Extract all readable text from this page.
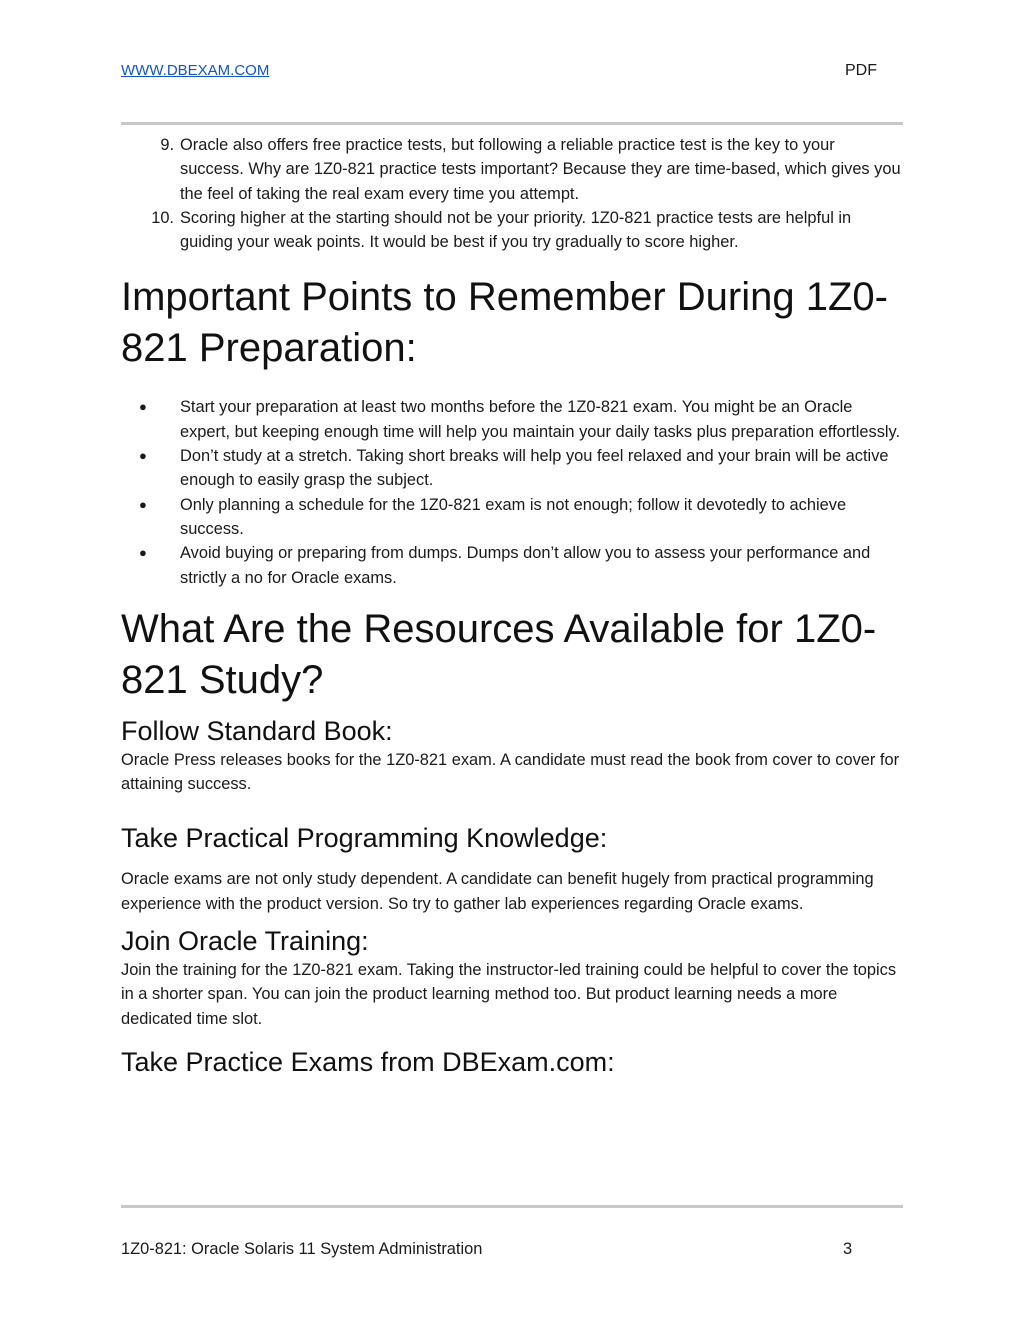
WWW.DBEXAM.COM	PDF
9. Oracle also offers free practice tests, but following a reliable practice test is the key to your success. Why are 1Z0-821 practice tests important? Because they are time-based, which gives you the feel of taking the real exam every time you attempt.
10. Scoring higher at the starting should not be your priority. 1Z0-821 practice tests are helpful in guiding your weak points. It would be best if you try gradually to score higher.
Important Points to Remember During 1Z0-821 Preparation:
● Start your preparation at least two months before the 1Z0-821 exam. You might be an Oracle expert, but keeping enough time will help you maintain your daily tasks plus preparation effortlessly.
● Don’t study at a stretch. Taking short breaks will help you feel relaxed and your brain will be active enough to easily grasp the subject.
● Only planning a schedule for the 1Z0-821 exam is not enough; follow it devotedly to achieve success.
● Avoid buying or preparing from dumps. Dumps don’t allow you to assess your performance and strictly a no for Oracle exams.
What Are the Resources Available for 1Z0-821 Study?
Follow Standard Book:

Oracle Press releases books for the 1Z0-821 exam. A candidate must read the book from cover to cover for attaining success.

Take Practical Programming Knowledge:

Oracle exams are not only study dependent. A candidate can benefit hugely from practical programming experience with the product version. So try to gather lab experiences regarding Oracle exams.

Join Oracle Training:

Join the training for the 1Z0-821 exam. Taking the instructor-led training could be helpful to cover the topics in a shorter span. You can join the product learning method too. But product learning needs a more dedicated time slot.

Take Practice Exams from DBExam.com:
1Z0-821: Oracle Solaris 11 System Administration	3
